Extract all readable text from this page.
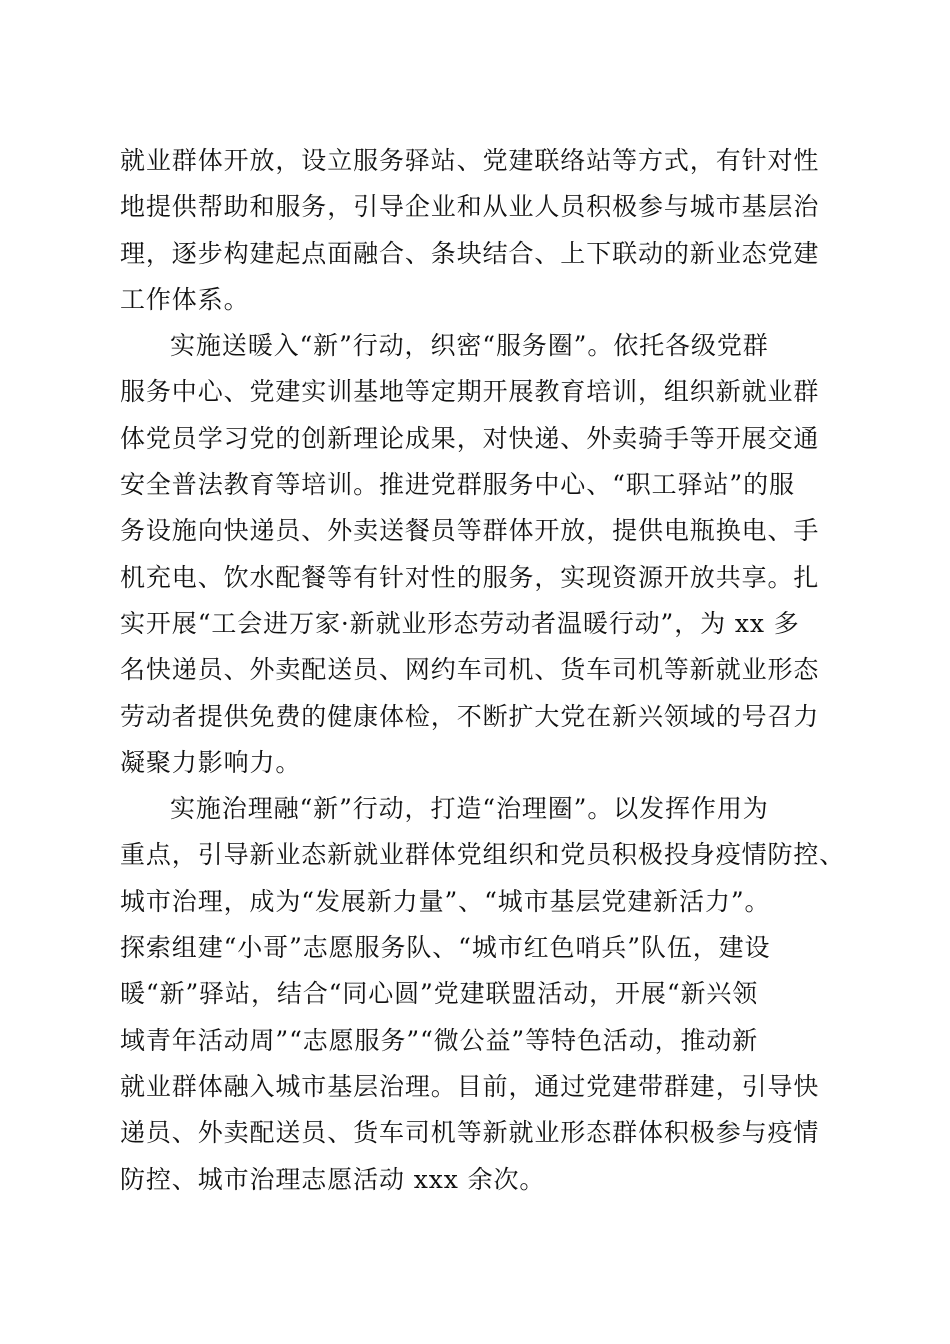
就业群体开放，设立服务驿站、党建联络站等方式，有针对性
地提供帮助和服务，引导企业和从业人员积极参与城市基层治
理，逐步构建起点面融合、条块结合、上下联动的新业态党建
工作体系。
实施送暖入“新”行动，织密“服务圈”。依托各级党群
服务中心、党建实训基地等定期开展教育培训，组织新就业群
体党员学习党的创新理论成果，对快递、外卖骑手等开展交通
安全普法教育等培训。推进党群服务中心、“职工驿站”的服
务设施向快递员、外卖送餐员等群体开放，提供电瓶换电、手
机充电、饮水配餐等有针对性的服务，实现资源开放共享。扎
实开展“工会进万家·新就业形态劳动者温暖行动”，为 xx 多
名快递员、外卖配送员、网约车司机、货车司机等新就业形态
劳动者提供免费的健康体检，不断扩大党在新兴领域的号召力
凝聚力影响力。
实施治理融“新”行动，打造“治理圈”。以发挥作用为
重点，引导新业态新就业群体党组织和党员积极投身疫情防控、
城市治理，成为“发展新力量”、“城市基层党建新活力”。
探索组建“小哥”志愿服务队、“城市红色哨兵”队伍，建设
暖“新”驿站，结合“同心圆”党建联盟活动，开展“新兴领
域青年活动周”“志愿服务”“微公益”等特色活动，推动新
就业群体融入城市基层治理。目前，通过党建带群建，引导快
递员、外卖配送员、货车司机等新就业形态群体积极参与疫情
防控、城市治理志愿活动 xxx 余次。
